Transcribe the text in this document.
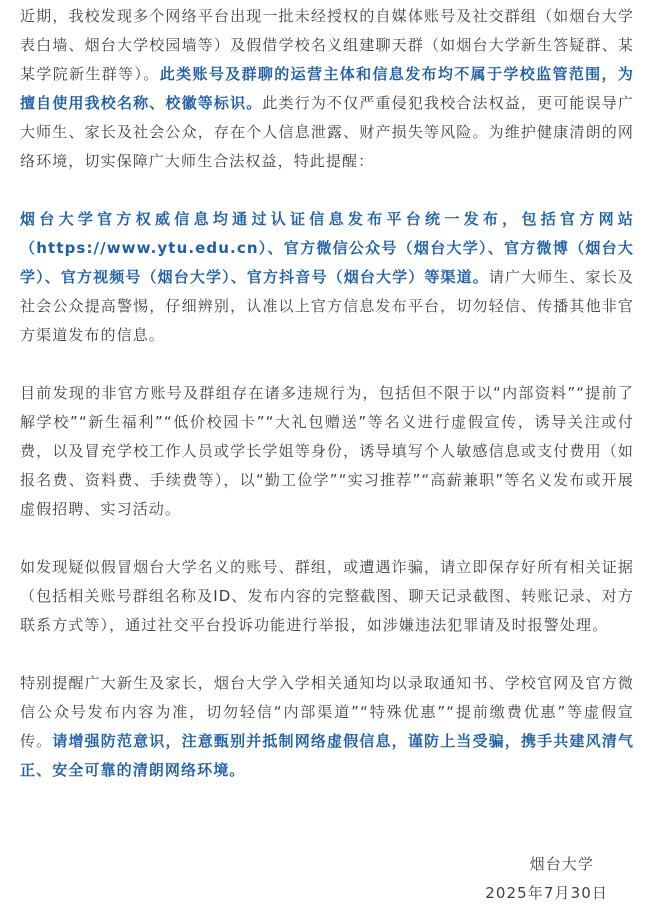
近期，我校发现多个网络平台出现一批未经授权的自媒体账号及社交群组（如烟台大学表白墙、烟台大学校园墙等）及假借学校名义组建聊天群（如烟台大学新生答疑群、某某学院新生群等）。此类账号及群聊的运营主体和信息发布均不属于学校监管范围，为擅自使用我校名称、校徽等标识。此类行为不仅严重侵犯我校合法权益，更可能误导广大师生、家长及社会公众，存在个人信息泄露、财产损失等风险。为维护健康清朗的网络环境，切实保障广大师生合法权益，特此提醒：

烟台大学官方权威信息均通过认证信息发布平台统一发布，包括官方网站（https://www.ytu.edu.cn）、官方微信公众号（烟台大学）、官方微博（烟台大学）、官方视频号（烟台大学）、官方抖音号（烟台大学）等渠道。请广大师生、家长及社会公众提高警惕，仔细辨别，认准以上官方信息发布平台，切勿轻信、传播其他非官方渠道发布的信息。

目前发现的非官方账号及群组存在诸多违规行为，包括但不限于以“内部资料”“提前了解学校”“新生福利”“低价校园卡”“大礼包赠送”等名义进行虚假宣传，诱导关注或付费，以及冒充学校工作人员或学长学姐等身份，诱导填写个人敏感信息或支付费用（如报名费、资料费、手续费等），以“勤工俭学”“实习推荐”“高薪兼职”等名义发布或开展虚假招聘、实习活动。

如发现疑似假冒烟台大学名义的账号、群组，或遭遇诈骗，请立即保存好所有相关证据（包括相关账号群组名称及ID、发布内容的完整截图、聊天记录截图、转账记录、对方联系方式等），通过社交平台投诉功能进行举报，如涉嫌违法犯罪请及时报警处理。

特别提醒广大新生及家长，烟台大学入学相关通知均以录取通知书、学校官网及官方微信公众号发布内容为准，切勿轻信“内部渠道”“特殊优惠”“提前缴费优惠”等虚假宣传。请增强防范意识，注意甄别并抵制网络虚假信息，谨防上当受骗，携手共建风清气正、安全可靠的清朗网络环境。

烟台大学
2025年7月30日
